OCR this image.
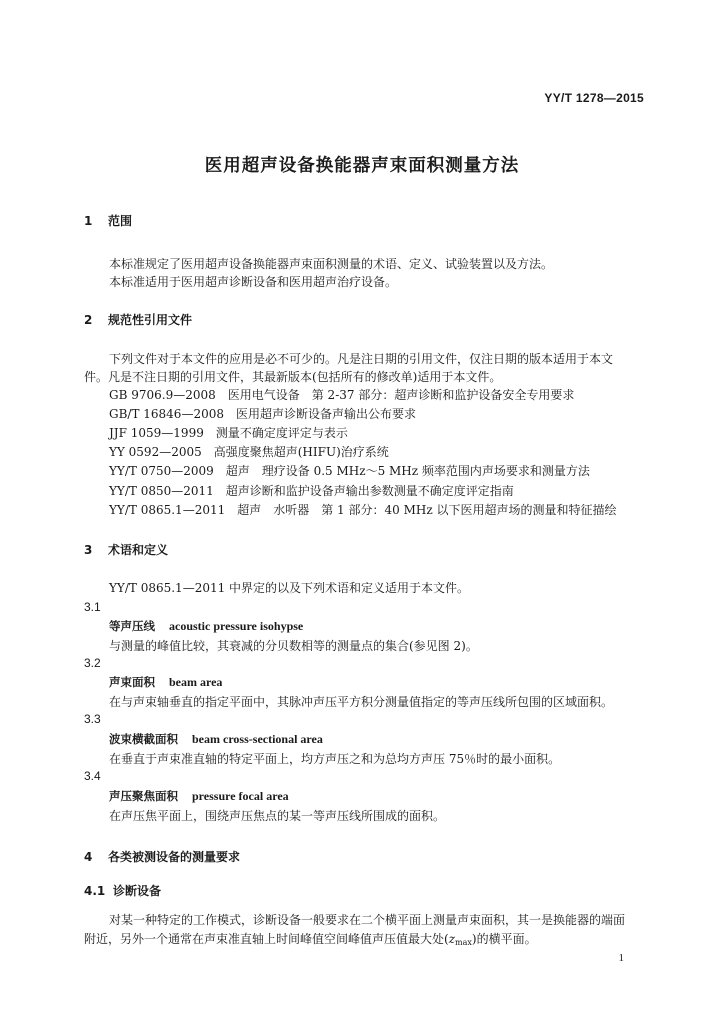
YY/T 1278—2015
医用超声设备换能器声束面积测量方法
1 范围
本标准规定了医用超声设备换能器声束面积测量的术语、定义、试验装置以及方法。
本标准适用于医用超声诊断设备和医用超声治疗设备。
2 规范性引用文件
下列文件对于本文件的应用是必不可少的。凡是注日期的引用文件，仅注日期的版本适用于本文
件。凡是不注日期的引用文件，其最新版本(包括所有的修改单)适用于本文件。
GB 9706.9—2008　医用电气设备　第 2-37 部分：超声诊断和监护设备安全专用要求
GB/T 16846—2008　医用超声诊断设备声输出公布要求
JJF 1059—1999　测量不确定度评定与表示
YY 0592—2005　高强度聚焦超声(HIFU)治疗系统
YY/T 0750—2009　超声　理疗设备 0.5 MHz～5 MHz 频率范围内声场要求和测量方法
YY/T 0850—2011　超声诊断和监护设备声输出参数测量不确定度评定指南
YY/T 0865.1—2011　超声　水听器　第 1 部分：40 MHz 以下医用超声场的测量和特征描绘
3 术语和定义
YY/T 0865.1—2011 中界定的以及下列术语和定义适用于本文件。
3.1
等声压线 acoustic pressure isohypse
与测量的峰值比较，其衰减的分贝数相等的测量点的集合(参见图 2)。
3.2
声束面积 beam area
在与声束轴垂直的指定平面中，其脉冲声压平方积分测量值指定的等声压线所包围的区域面积。
3.3
波束横截面积 beam cross-sectional area
在垂直于声束准直轴的特定平面上，均方声压之和为总均方声压 75％时的最小面积。
3.4
声压聚焦面积 pressure focal area
在声压焦平面上，围绕声压焦点的某一等声压线所围成的面积。
4 各类被测设备的测量要求
4.1 诊断设备
对某一种特定的工作模式，诊断设备一般要求在二个横平面上测量声束面积，其一是换能器的端面
附近，另外一个通常在声束准直轴上时间峰值空间峰值声压值最大处$(z_{max})$的横平面。
1
